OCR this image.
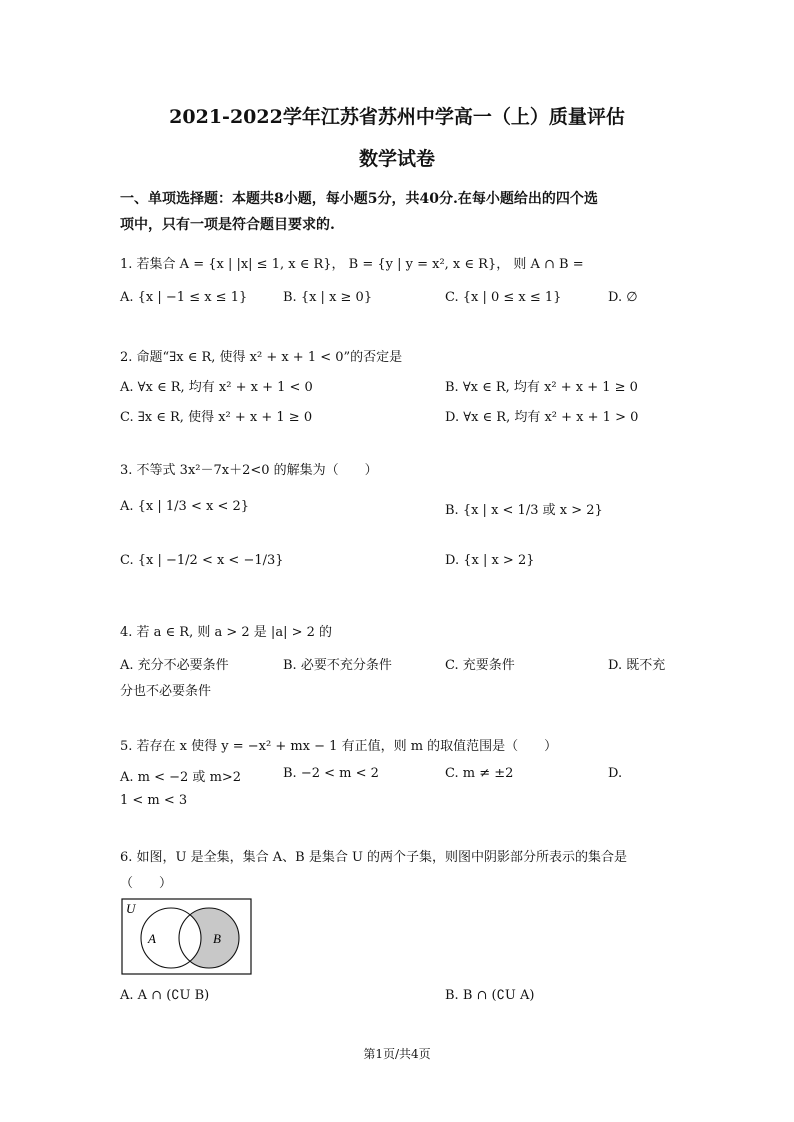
2021-2022学年江苏省苏州中学高一（上）质量评估
数学试卷
一、单项选择题：本题共8小题，每小题5分，共40分.在每小题给出的四个选
项中，只有一项是符合题目要求的.
1. 若集合 A = {x | |x| ≤ 1, x ∈ R}， B = {y | y = x², x ∈ R}， 则 A ∩ B =
A. {x | −1 ≤ x ≤ 1}	B. {x | x ≥ 0}	C. {x | 0 ≤ x ≤ 1}	D. ∅
2. 命题“∃x ∈ R, 使得 x² + x + 1 < 0”的否定是
A. ∀x ∈ R, 均有 x² + x + 1 < 0	B. ∀x ∈ R, 均有 x² + x + 1 ≥ 0
C. ∃x ∈ R, 使得 x² + x + 1 ≥ 0	D. ∀x ∈ R, 均有 x² + x + 1 > 0
3. 不等式 3x²－7x＋2<0 的解集为（　　）
A. {x | 1/3 < x < 2}	B. {x | x < 1/3 或 x > 2}
C. {x | −1/2 < x < −1/3}	D. {x | x > 2}
4. 若 a ∈ R, 则 a > 2 是 |a| > 2 的
A. 充分不必要条件	B. 必要不充分条件	C. 充要条件	D. 既不充
分也不必要条件
5. 若存在 x 使得 y = −x² + mx − 1 有正值，则 m 的取值范围是（　　）
A. m < −2 或 m>2	B. −2 < m < 2	C. m ≠ ±2	D.
1 < m < 3
6. 如图，U 是全集，集合 A、B 是集合 U 的两个子集，则图中阴影部分所表示的集合是
（　　）
U
A	B
A. A ∩ (∁U B)	B. B ∩ (∁U A)
第1页/共4页
